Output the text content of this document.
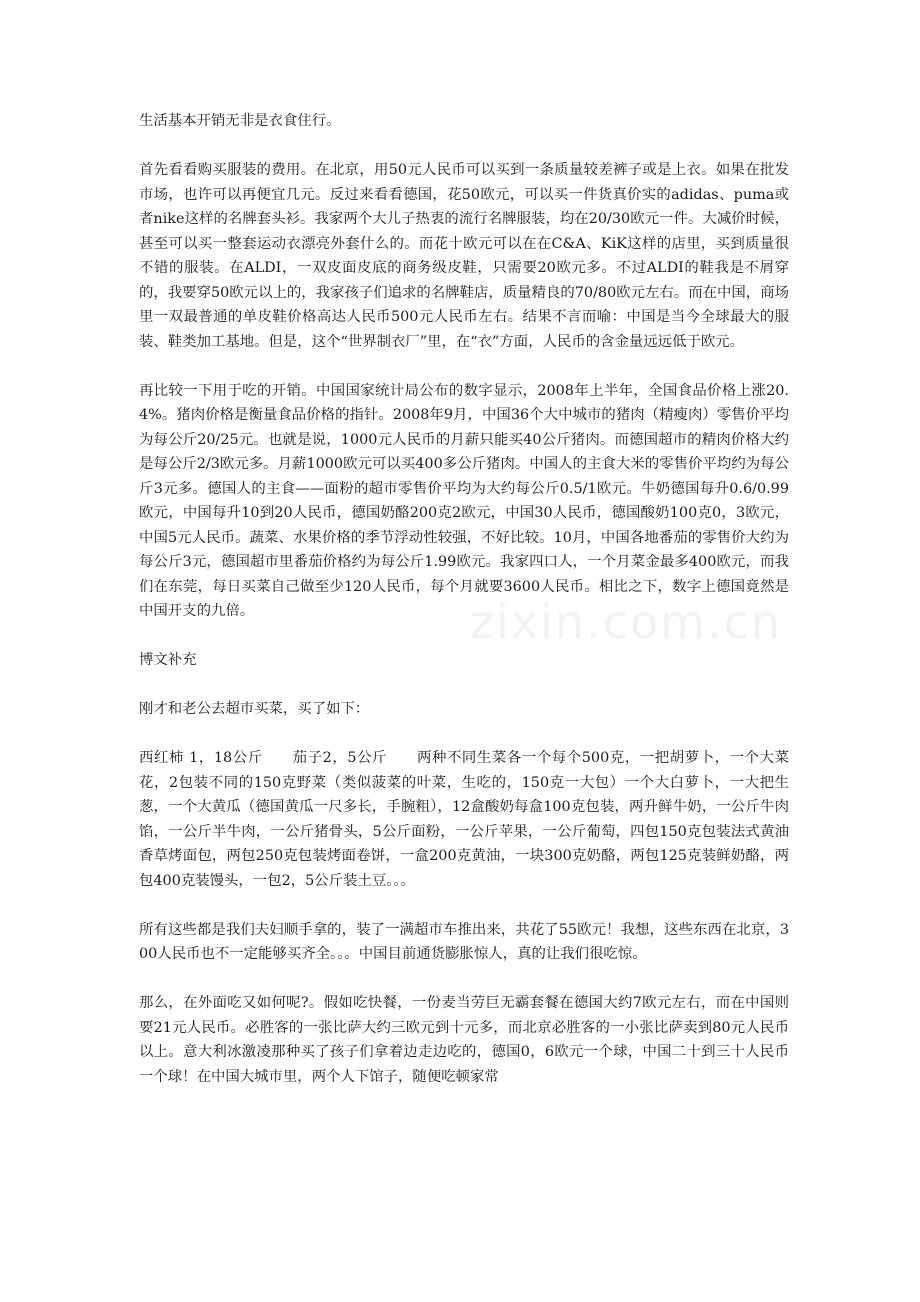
生活基本开销无非是衣食住行。

首先看看购买服装的费用。在北京，用50元人民币可以买到一条质量较差裤子或是上衣。如果在批发市场，也许可以再便宜几元。反过来看看德国，花50欧元，可以买一件货真价实的adidas、puma或者nike这样的名牌套头衫。我家两个大儿子热衷的流行名牌服装，均在20/30欧元一件。大减价时候，甚至可以买一整套运动衣漂亮外套什么的。而花十欧元可以在在C&A、KiK这样的店里，买到质量很不错的服装。在ALDI，一双皮面皮底的商务级皮鞋，只需要20欧元多。不过ALDI的鞋我是不屑穿的，我要穿50欧元以上的，我家孩子们追求的名牌鞋店，质量精良的70/80欧元左右。而在中国，商场里一双最普通的单皮鞋价格高达人民币500元人民币左右。结果不言而喻：中国是当今全球最大的服装、鞋类加工基地。但是，这个“世界制衣厂”里，在“衣”方面，人民币的含金量远远低于欧元。

再比较一下用于吃的开销。中国国家统计局公布的数字显示，2008年上半年，全国食品价格上涨20.4%。猪肉价格是衡量食品价格的指针。2008年9月，中国36个大中城市的猪肉（精瘦肉）零售价平均为每公斤20/25元。也就是说，1000元人民币的月薪只能买40公斤猪肉。而德国超市的精肉价格大约是每公斤2/3欧元多。月薪1000欧元可以买400多公斤猪肉。中国人的主食大米的零售价平均约为每公斤3元多。德国人的主食——面粉的超市零售价平均为大约每公斤0.5/1欧元。牛奶德国每升0.6/0.99欧元，中国每升10到20人民币，德国奶酪200克2欧元，中国30人民币，德国酸奶100克0，3欧元，中国5元人民币。蔬菜、水果价格的季节浮动性较强，不好比较。10月，中国各地番茄的零售价大约为每公斤3元，德国超市里番茄价格约为每公斤1.99欧元。我家四口人，一个月菜金最多400欧元，而我们在东莞，每日买菜自己做至少120人民币，每个月就要3600人民币。相比之下，数字上德国竟然是中国开支的九倍。

博文补充

刚才和老公去超市买菜，买了如下：

西红柿 1，18公斤　　茄子2，5公斤　　两种不同生菜各一个每个500克，一把胡萝卜，一个大菜花，2包装不同的150克野菜（类似菠菜的叶菜，生吃的，150克一大包）一个大白萝卜，一大把生葱，一个大黄瓜（德国黄瓜一尺多长，手腕粗），12盒酸奶每盒100克包装，两升鲜牛奶，一公斤牛肉馅，一公斤半牛肉，一公斤猪骨头，5公斤面粉，一公斤苹果，一公斤葡萄，四包150克包装法式黄油香草烤面包，两包250克包装烤面卷饼，一盒200克黄油，一块300克奶酪，两包125克装鲜奶酪，两包400克装馒头，一包2，5公斤装土豆。。。

所有这些都是我们夫妇顺手拿的，装了一满超市车推出来，共花了55欧元！我想，这些东西在北京，300人民币也不一定能够买齐全。。。中国目前通货膨胀惊人，真的让我们很吃惊。

那么，在外面吃又如何呢?。假如吃快餐，一份麦当劳巨无霸套餐在德国大约7欧元左右，而在中国则要21元人民币。必胜客的一张比萨大约三欧元到十元多，而北京必胜客的一小张比萨卖到80元人民币以上。意大利冰激凌那种买了孩子们拿着边走边吃的，德国0，6欧元一个球，中国二十到三十人民币一个球！在中国大城市里，两个人下馆子，随便吃顿家常

zixin.com.cn
